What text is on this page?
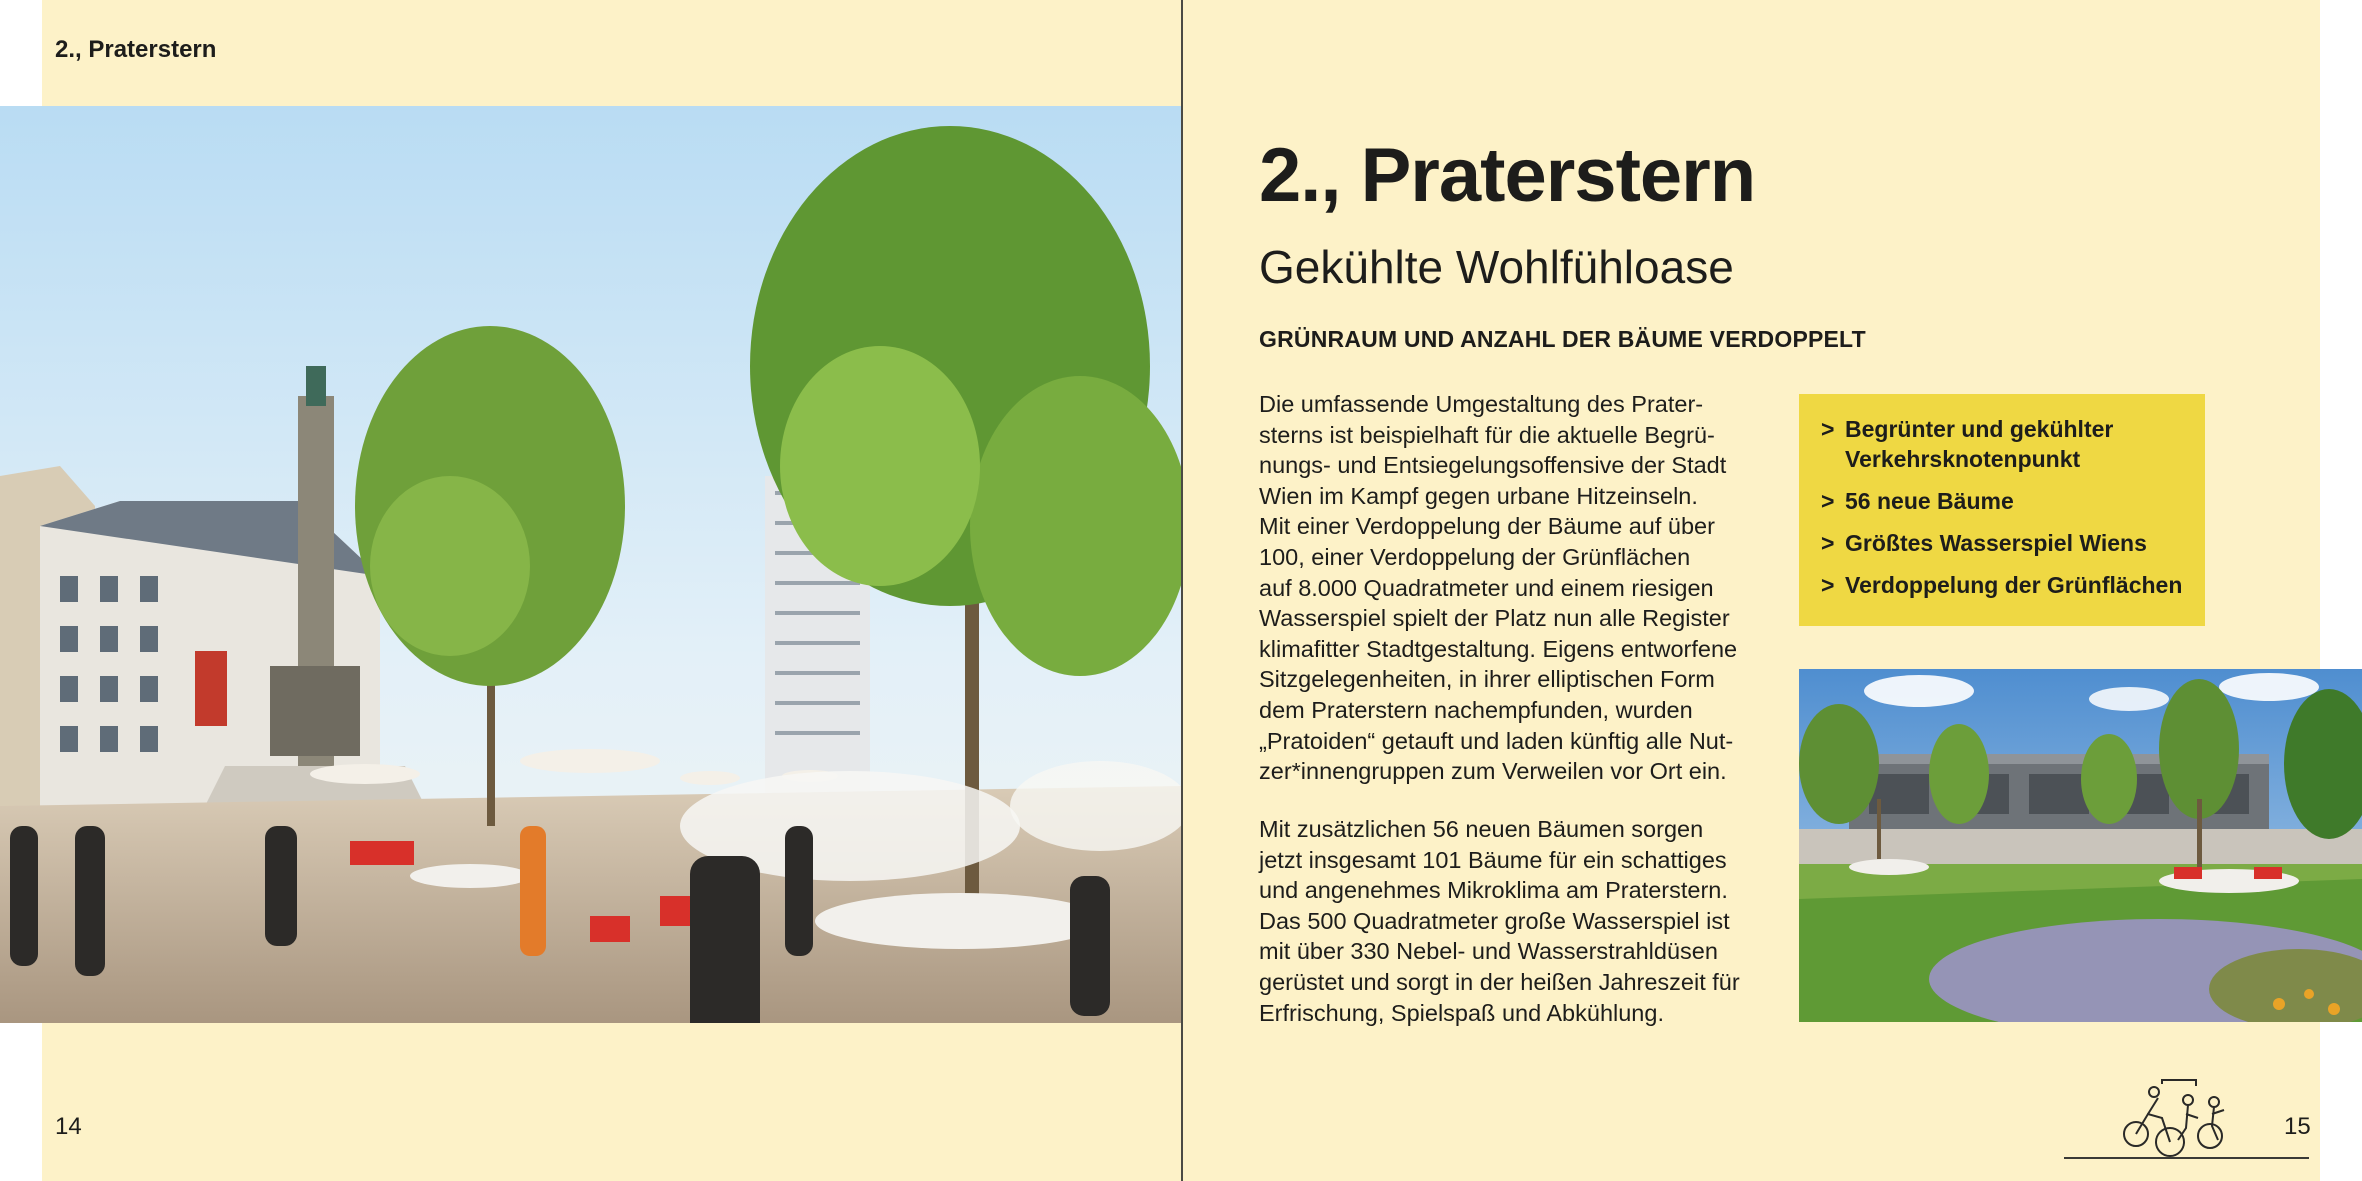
2., Praterstern
2., Praterstern
Gekühlte Wohlfühloase
GRÜNRAUM UND ANZAHL DER BÄUME VERDOPPELT
Die umfassende Umgestaltung des Prater-
sterns ist beispielhaft für die aktuelle Begrü-
nungs- und Entsiegelungsoffensive der Stadt
Wien im Kampf gegen urbane Hitzeinseln.
Mit einer Verdoppelung der Bäume auf über
100, einer Verdoppelung der Grünflächen
auf 8.000 Quadratmeter und einem riesigen
Wasserspiel spielt der Platz nun alle Register
klimafitter Stadtgestaltung. Eigens entworfene
Sitzgelegenheiten, in ihrer elliptischen Form
dem Praterstern nachempfunden, wurden
„Pratoiden“ getauft und laden künftig alle Nut-
zer*innengruppen zum Verweilen vor Ort ein.
Mit zusätzlichen 56 neuen Bäumen sorgen
jetzt insgesamt 101 Bäume für ein schattiges
und angenehmes Mikroklima am Praterstern.
Das 500 Quadratmeter große Wasserspiel ist
mit über 330 Nebel- und Wasserstrahldüsen
gerüstet und sorgt in der heißen Jahreszeit für
Erfrischung, Spielspaß und Abkühlung.
> Begrünter und gekühlter
Verkehrsknotenpunkt
> 56 neue Bäume
> Größtes Wasserspiel Wiens
> Verdoppelung der Grünflächen
14	15
